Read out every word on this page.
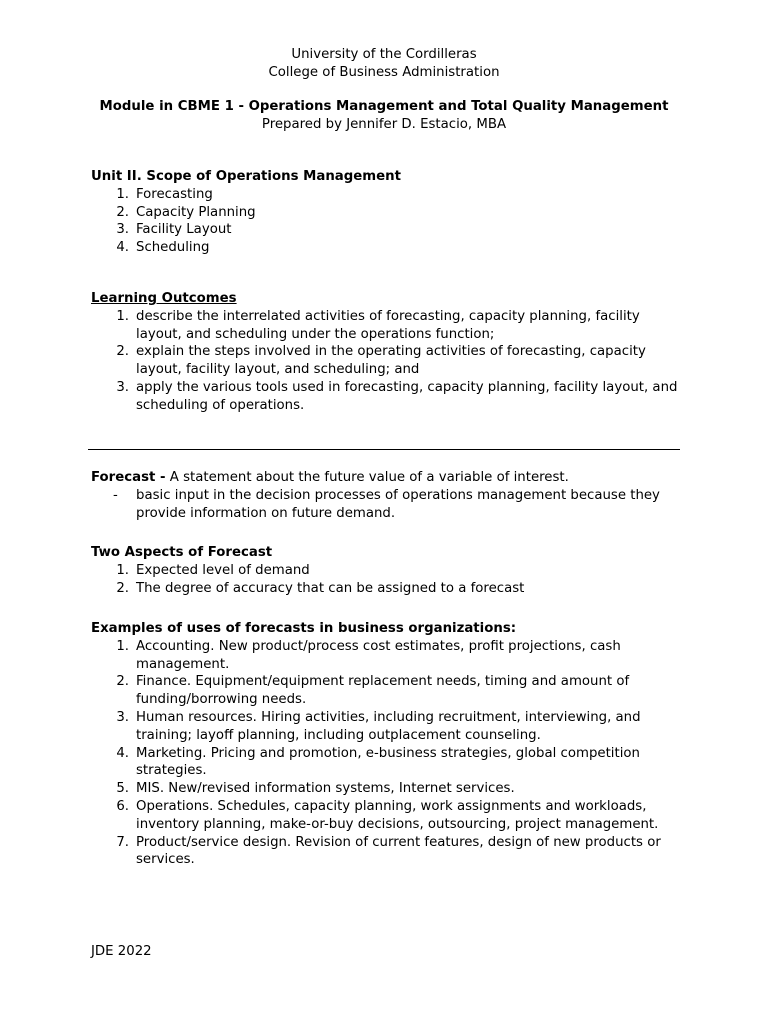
University of the Cordilleras
College of Business Administration
Module in CBME 1 - Operations Management and Total Quality Management
Prepared by Jennifer D. Estacio, MBA
Unit II. Scope of Operations Management
1. Forecasting
2. Capacity Planning
3. Facility Layout
4. Scheduling
Learning Outcomes
1. describe the interrelated activities of forecasting, capacity planning, facility layout, and scheduling under the operations function;
2. explain the steps involved in the operating activities of forecasting, capacity layout, facility layout, and scheduling; and
3. apply the various tools used in forecasting, capacity planning, facility layout, and scheduling of operations.
Forecast - A statement about the future value of a variable of interest.
- basic input in the decision processes of operations management because they provide information on future demand.
Two Aspects of Forecast
1. Expected level of demand
2. The degree of accuracy that can be assigned to a forecast
Examples of uses of forecasts in business organizations:
1. Accounting. New product/process cost estimates, profit projections, cash management.
2. Finance. Equipment/equipment replacement needs, timing and amount of funding/borrowing needs.
3. Human resources. Hiring activities, including recruitment, interviewing, and training; layoff planning, including outplacement counseling.
4. Marketing. Pricing and promotion, e-business strategies, global competition strategies.
5. MIS. New/revised information systems, Internet services.
6. Operations. Schedules, capacity planning, work assignments and workloads, inventory planning, make-or-buy decisions, outsourcing, project management.
7. Product/service design. Revision of current features, design of new products or services.
JDE 2022
